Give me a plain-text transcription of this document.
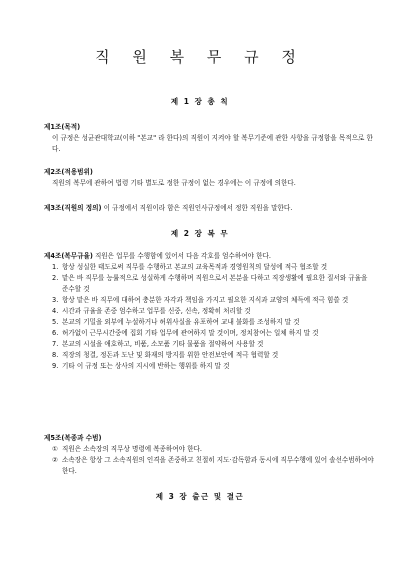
직 원 복 무 규 정
제 1 장 총 칙
제1조(목적)
이 규정은 성균관대학교(이하 "본교" 라 한다)의 직원이 지켜야 할 복무기준에 관한 사항을 규정함을 목적으로 한다.
제2조(적용범위)
직원의 복무에 관하여 법령 기타 별도로 정한 규정이 없는 경우에는 이 규정에 의한다.
제3조(직원의 정의) 이 규정에서 직원이라 함은 직원인사규정에서 정한 직원을 말한다.
제 2 장 복 무
제4조(복무규율) 직원은 업무를 수행함에 있어서 다음 각호를 엄수하여야 한다.
1. 항상 성실한 태도로써 직무를 수행하고 본교의 교육목적과 경영원칙의 달성에 적극 협조할 것
2. 맡은 바 직무를 능률적으로 성실하게 수행하며 직원으로서 본분을 다하고 직장생활에 필요한 질서와 규율을 준수할 것
3. 항상 맡은 바 직무에 대하여 충분한 자각과 책임을 가지고 필요한 지식과 교양의 체득에 적극 힘쓸 것
4. 시간과 규율을 존중 엄수하고 업무를 신중, 신속, 정확히 처리할 것
5. 본교의 기밀을 외부에 누설하거나 허위사실을 유포하여 교내 불화를 조성하지 말 것
6. 허가없이 근무시간중에 집회 기타 업무에 관여하지 말 것이며, 정치참여는 일체 하지 말 것
7. 본교의 시설을 애호하고, 비품, 소모품 기타 물품을 절약하여 사용할 것
8. 직장의 청결, 정돈과 도난 및 화재의 방지를 위한 안전보안에 적극 협력할 것
9. 기타 이 규정 또는 상사의 지시에 반하는 행위를 하지 말 것
제5조(복종과 수범)
① 직원은 소속장의 직무상 명령에 복종하여야 한다.
② 소속장은 항상 그 소속직원의 인격을 존중하고 친절히 지도·감독함과 동시에 직무수행에 있어 솔선수범하여야 한다.
제 3 장 출근 및 결근
